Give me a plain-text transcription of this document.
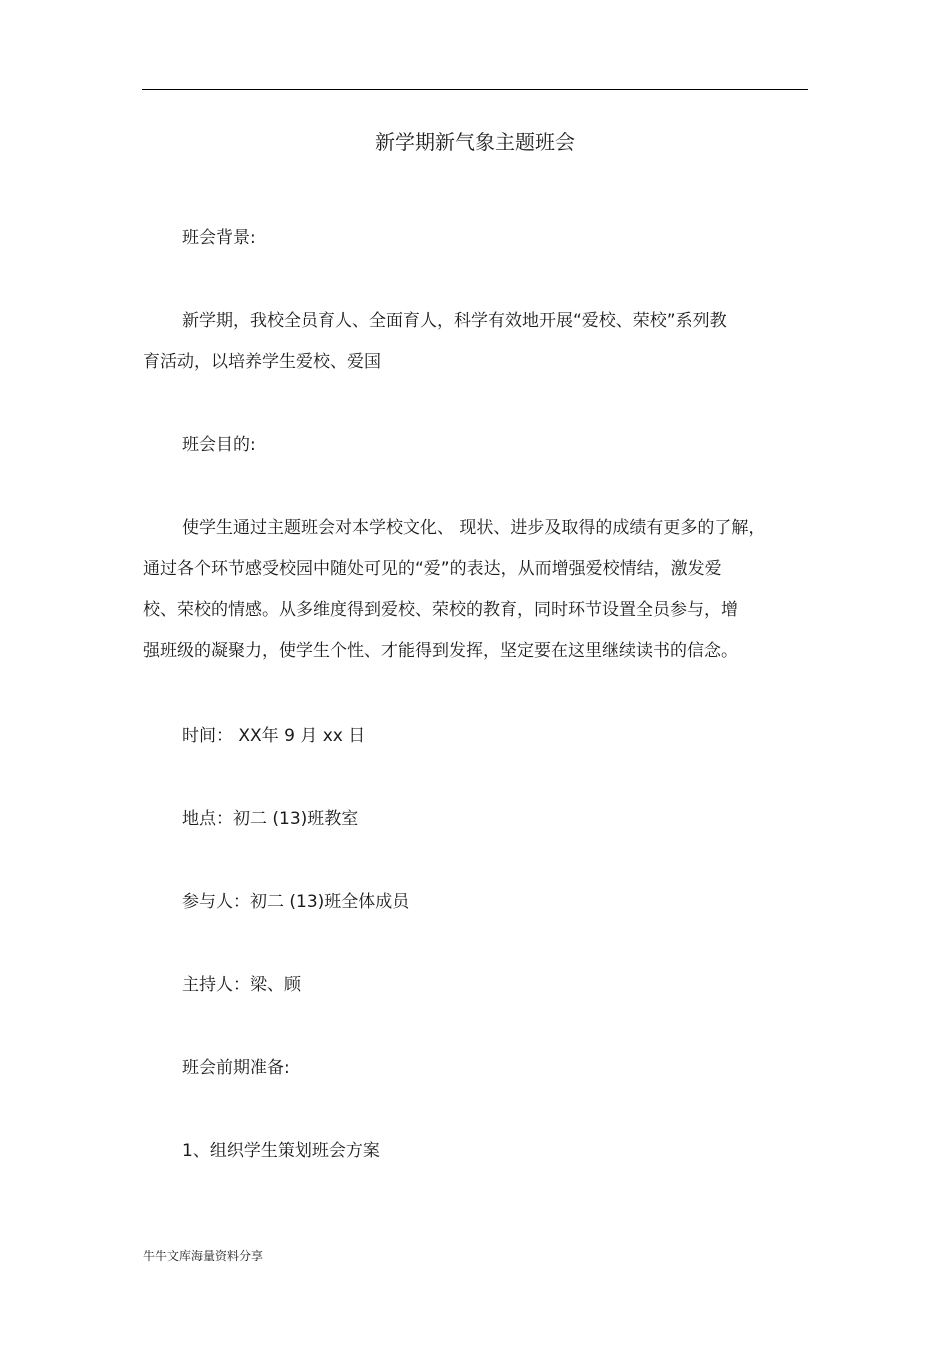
新学期新气象主题班会
班会背景:
新学期，我校全员育人、全面育人，科学有效地开展“爱校、荣校”系列教
育活动，以培养学生爱校、爱国
班会目的:
使学生通过主题班会对本学校文化、 现状、进步及取得的成绩有更多的了解，
通过各个环节感受校园中随处可见的“爱”的表达，从而增强爱校情结，激发爱
校、荣校的情感。从多维度得到爱校、荣校的教育，同时环节设置全员参与，增
强班级的凝聚力，使学生个性、才能得到发挥，坚定要在这里继续读书的信念。
时间： XX年 9 月 xx 日
地点：初二 (13)班教室
参与人：初二 (13)班全体成员
主持人：梁、顾
班会前期准备:
1、组织学生策划班会方案
牛牛文库海量资料分享
